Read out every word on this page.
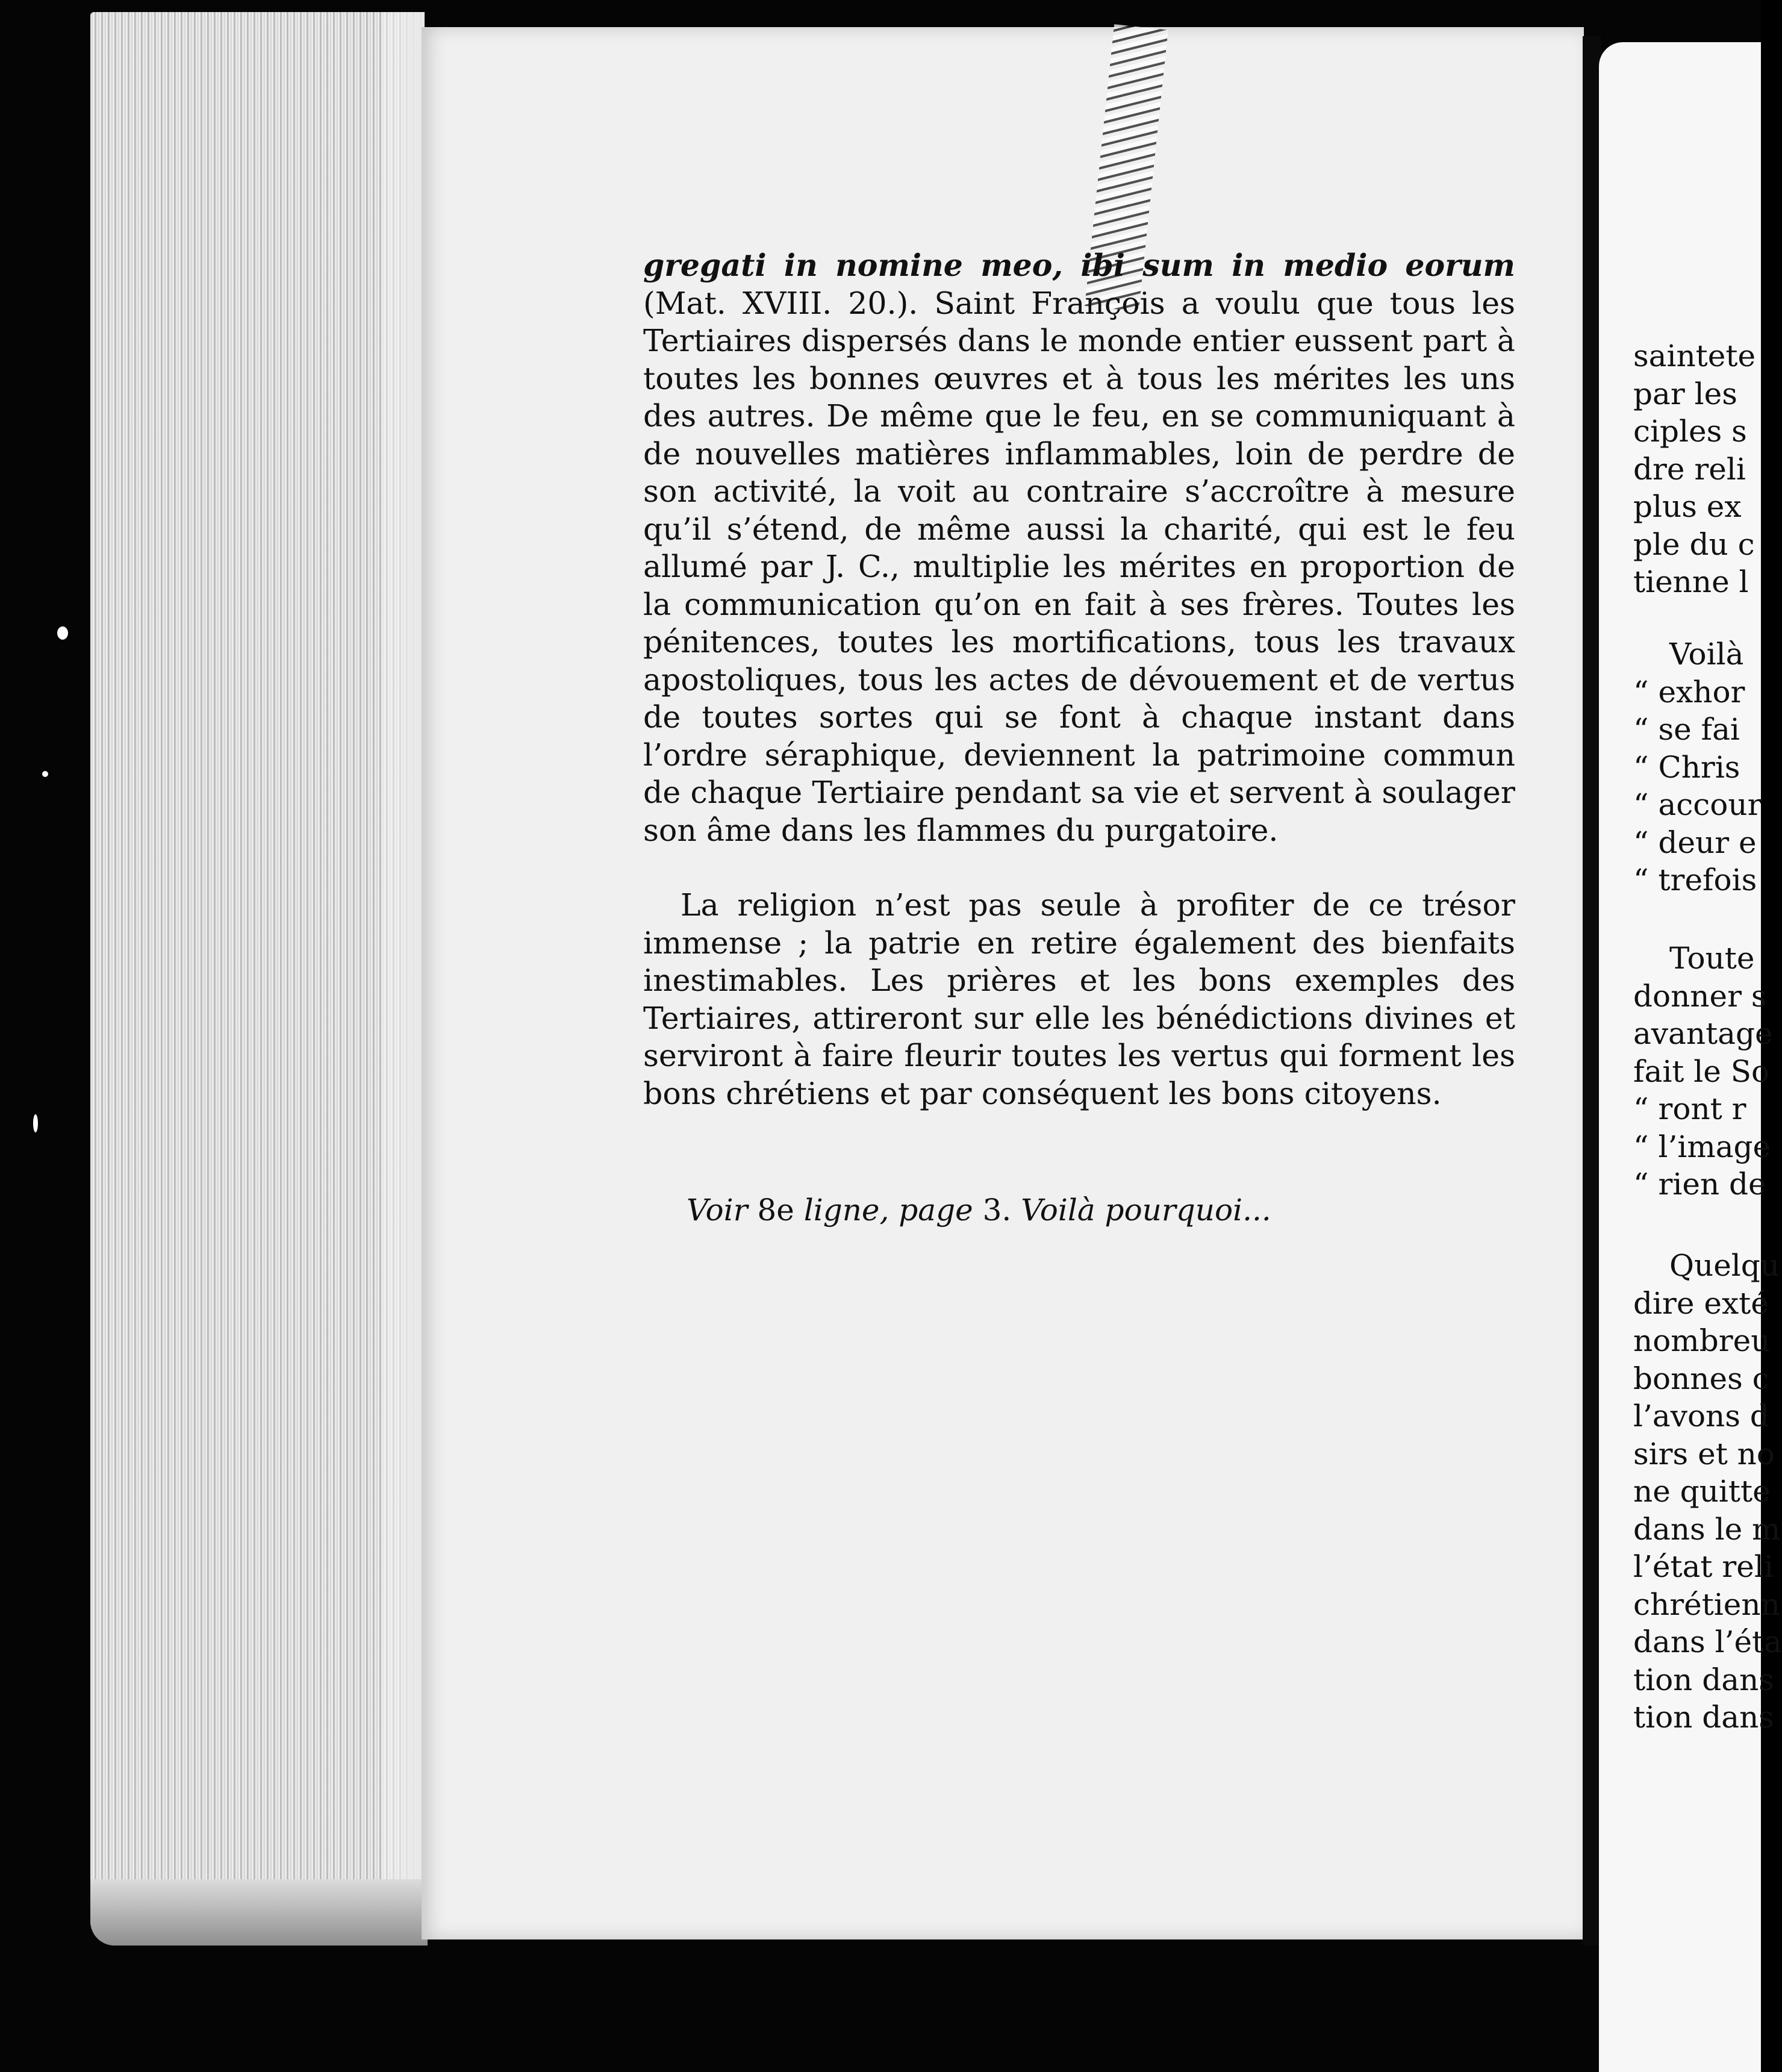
gregati in nomine meo, ibi sum in medio eorum (Mat. XVIII. 20.). Saint François a voulu que tous les Tertiaires dispersés dans le monde entier eussent part à toutes les bonnes œuvres et à tous les mérites les uns des autres. De même que le feu, en se communiquant à de nouvelles matières inflammables, loin de perdre de son activité, la voit au contraire s’accroître à mesure qu’il s’étend, de même aussi la charité, qui est le feu allumé par J. C., multiplie les mérites en proportion de la communication qu’on en fait à ses frères. Toutes les pénitences, toutes les mortifications, tous les travaux apostoliques, tous les actes de dévouement et de vertus de toutes sortes qui se font à chaque instant dans l’ordre séraphique, deviennent la patrimoine commun de chaque Tertiaire pendant sa vie et servent à soulager son âme dans les flammes du purgatoire.

La religion n’est pas seule à profiter de ce trésor immense ; la patrie en retire également des bienfaits inestimables. Les prières et les bons exemples des Tertiaires, attireront sur elle les bénédictions divines et serviront à faire fleurir toutes les vertus qui forment les bons chrétiens et par conséquent les bons citoyens.

Voir 8e ligne, page 3. Voilà pourquoi...
saintete
par les
ciples s
dre reli
plus ex
ple du c
tienne l
Voilà
“ exhor
“ se fai
“ Chris
“ accour
“ deur e
“ trefois
Toute
donner s
avantage
fait le So
“ ront r
“ l’image
“ rien de
Quelqu
dire exté
nombreu
bonnes c
l’avons d
sirs et no
ne quitte
dans le m
l’état reli
chrétienn
dans l’éta
tion dans
tion dans
